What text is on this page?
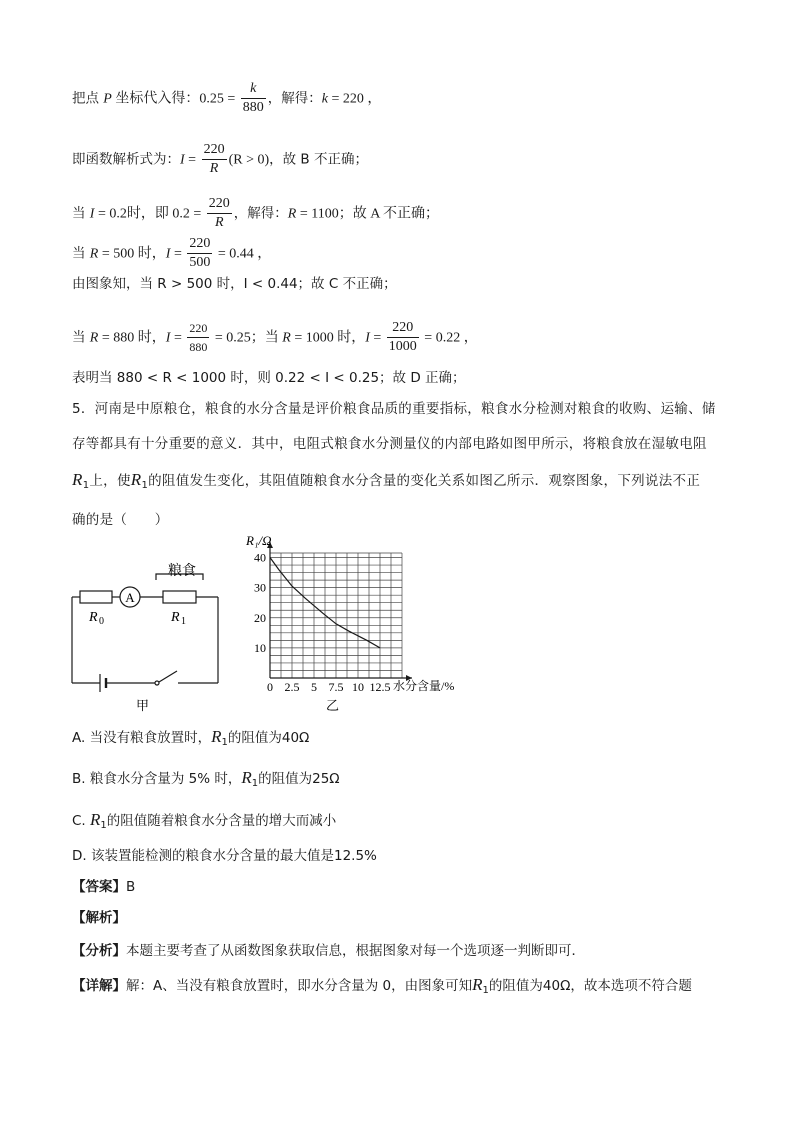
把点 P 坐标代入得：$0.25 = \frac{k}{880}$ ，解得：k = 220 ，
即函数解析式为：$I = \frac{220}{R} (R > 0)$，故 B 不正确；
当 I = 0.2时，即 $0.2 = \frac{220}{R}$ ，解得：R = 1100；故 A 不正确；
当 R = 500 时，$I = \frac{220}{500} = 0.44$ ，
由图象知，当 R > 500 时，I < 0.44；故 C 不正确；
当 R = 880 时，$I = \frac{220}{880} = 0.25$；当 R = 1000 时，$I = \frac{220}{1000} = 0.22$ ，
表明当 880 < R < 1000 时，则 0.22 < I < 0.25；故 D 正确；
5．河南是中原粮仓，粮食的水分含量是评价粮食品质的重要指标，粮食水分检测对粮食的收购、运输、储
存等都具有十分重要的意义．其中，电阻式粮食水分测量仪的内部电路如图甲所示，将粮食放在湿敏电阻
$R_1$上，使$R_1$的阻值发生变化，其阻值随粮食水分含量的变化关系如图乙所示．观察图象，下列说法不正
确的是（　　）
A
粮食
R 0	R 1
甲
0 2.5 5 7.5 10 12.5
10
20
30
40
R₁/Ω
水分含量/%
乙
A. 当没有粮食放置时，$R_1$的阻值为40Ω
B. 粮食水分含量为 5% 时，$R_1$的阻值为25Ω
C. $R_1$的阻值随着粮食水分含量的增大而减小
D. 该装置能检测的粮食水分含量的最大值是12.5%
【答案】B
【解析】
【分析】本题主要考查了从函数图象获取信息，根据图象对每一个选项逐一判断即可．
【详解】解：A、当没有粮食放置时，即水分含量为 0，由图象可知$R_1$的阻值为40Ω，故本选项不符合题
